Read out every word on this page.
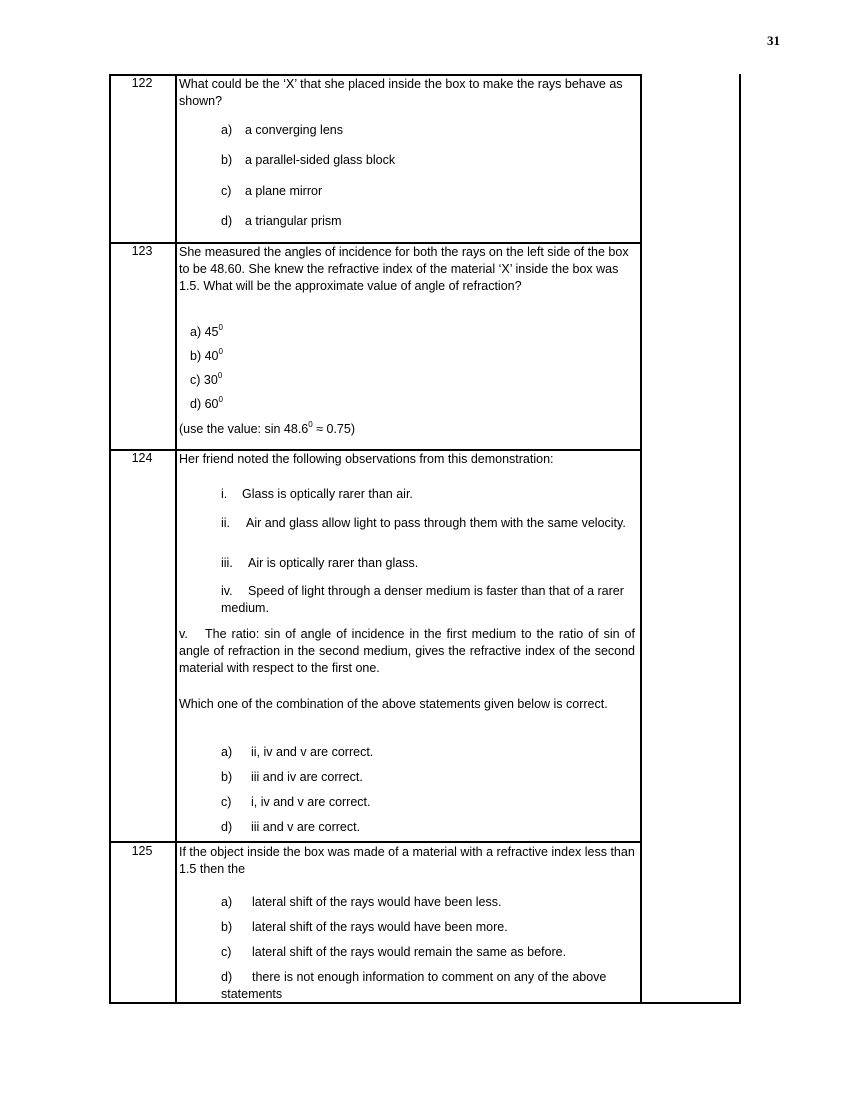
31
122	What could be the ‘X’ that she placed inside the box to make the rays behave as shown?
a) a converging lens
b) a parallel-sided glass block
c) a plane mirror
d) a triangular prism
123	She measured the angles of incidence for both the rays on the left side of the box to be 48.60. She knew the refractive index of the material ‘X’ inside the box was 1.5. What will be the approximate value of angle of refraction?
a) $45^0$
b) $40^0$
c) $30^0$
d) $60^0$
(use the value: $\sin 48.6^0 \approx 0.75$)
124	Her friend noted the following observations from this demonstration:
i. Glass is optically rarer than air.
ii. Air and glass allow light to pass through them with the same velocity.
iii. Air is optically rarer than glass.
iv. Speed of light through a denser medium is faster than that of a rarer medium.
v. The ratio: sin of angle of incidence in the first medium to the ratio of sin of angle of refraction in the second medium, gives the refractive index of the second material with respect to the first one.
Which one of the combination of the above statements given below is correct.
a) ii, iv and v are correct.
b) iii and iv are correct.
c) i, iv and v are correct.
d) iii and v are correct.
125	If the object inside the box was made of a material with a refractive index less than 1.5 then the
a) lateral shift of the rays would have been less.
b) lateral shift of the rays would have been more.
c) lateral shift of the rays would remain the same as before.
d) there is not enough information to comment on any of the above statements
